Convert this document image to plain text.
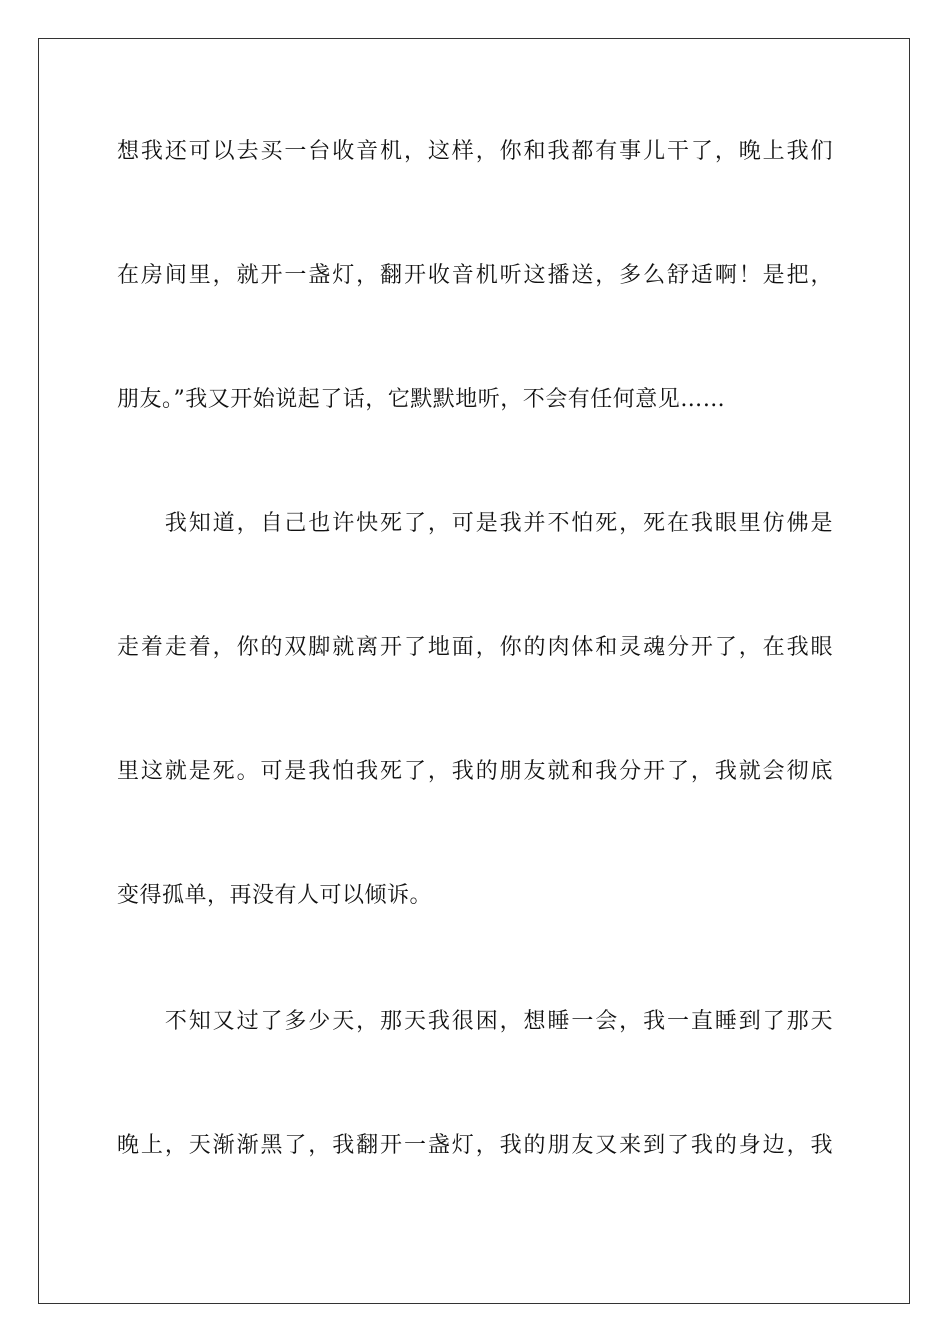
想我还可以去买一台收音机，这样，你和我都有事儿干了，晚上我们

在房间里，就开一盏灯，翻开收音机听这播送，多么舒适啊！是把，

朋友。”我又开始说起了话，它默默地听，不会有任何意见……

　　我知道，自己也许快死了，可是我并不怕死，死在我眼里仿佛是

走着走着，你的双脚就离开了地面，你的肉体和灵魂分开了，在我眼

里这就是死。可是我怕我死了，我的朋友就和我分开了，我就会彻底

变得孤单，再没有人可以倾诉。

　　不知又过了多少天，那天我很困，想睡一会，我一直睡到了那天

晚上，天渐渐黑了，我翻开一盏灯，我的朋友又来到了我的身边，我
